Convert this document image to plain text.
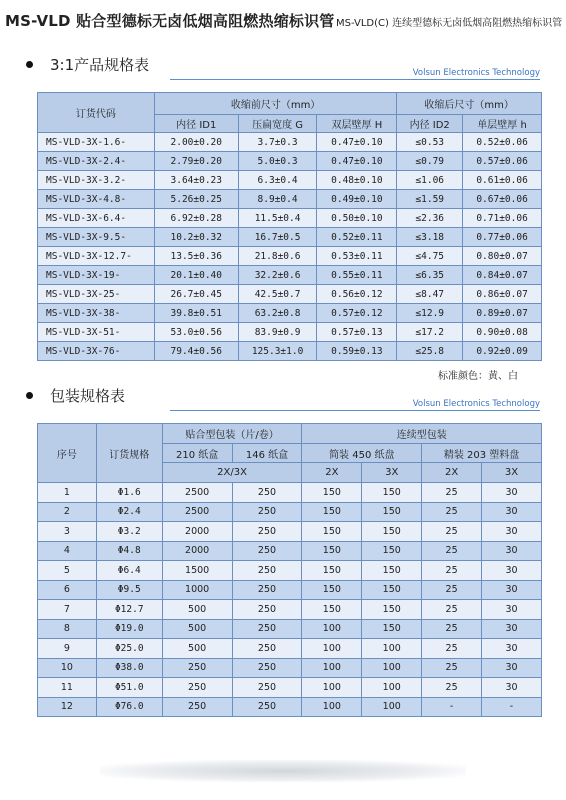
MS-VLD 贴合型德标无卤低烟高阻燃热缩标识管 MS-VLD(C) 连续型德标无卤低烟高阻燃热缩标识管
3:1产品规格表	Volsun Electronics Technology
订货代码	收缩前尺寸（mm）			收缩后尺寸（mm）	
	内径 ID1	压扁宽度 G	双层壁厚 H	内径 ID2	单层壁厚 h
MS-VLD-3X-1.6-	2.00±0.20	3.7±0.3	0.47±0.10	≤0.53	0.52±0.06
MS-VLD-3X-2.4-	2.79±0.20	5.0±0.3	0.47±0.10	≤0.79	0.57±0.06
MS-VLD-3X-3.2-	3.64±0.23	6.3±0.4	0.48±0.10	≤1.06	0.61±0.06
MS-VLD-3X-4.8-	5.26±0.25	8.9±0.4	0.49±0.10	≤1.59	0.67±0.06
MS-VLD-3X-6.4-	6.92±0.28	11.5±0.4	0.50±0.10	≤2.36	0.71±0.06
MS-VLD-3X-9.5-	10.2±0.32	16.7±0.5	0.52±0.11	≤3.18	0.77±0.06
MS-VLD-3X-12.7-	13.5±0.36	21.8±0.6	0.53±0.11	≤4.75	0.80±0.07
MS-VLD-3X-19-	20.1±0.40	32.2±0.6	0.55±0.11	≤6.35	0.84±0.07
MS-VLD-3X-25-	26.7±0.45	42.5±0.7	0.56±0.12	≤8.47	0.86±0.07
MS-VLD-3X-38-	39.8±0.51	63.2±0.8	0.57±0.12	≤12.9	0.89±0.07
MS-VLD-3X-51-	53.0±0.56	83.9±0.9	0.57±0.13	≤17.2	0.90±0.08
MS-VLD-3X-76-	79.4±0.56	125.3±1.0	0.59±0.13	≤25.8	0.92±0.09
标准颜色：黄、白
包装规格表	Volsun Electronics Technology
序号	订货规格	贴合型包装（片/卷）		连续型包装			
		210 纸盒	146 纸盒	简装 450 纸盘		精装 203 塑料盘	
		2X/3X		2X	3X	2X	3X
1	Φ1.6	2500	250	150	150	25	30
2	Φ2.4	2500	250	150	150	25	30
3	Φ3.2	2000	250	150	150	25	30
4	Φ4.8	2000	250	150	150	25	30
5	Φ6.4	1500	250	150	150	25	30
6	Φ9.5	1000	250	150	150	25	30
7	Φ12.7	500	250	150	150	25	30
8	Φ19.0	500	250	100	150	25	30
9	Φ25.0	500	250	100	100	25	30
10	Φ38.0	250	250	100	100	25	30
11	Φ51.0	250	250	100	100	25	30
12	Φ76.0	250	250	100	100	-	-
